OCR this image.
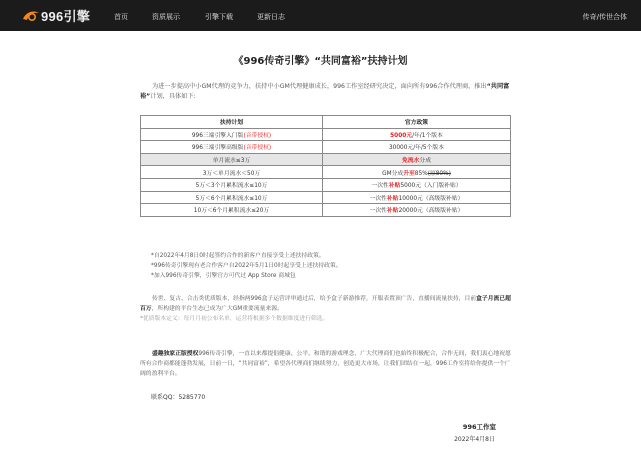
996引擎	首页	资质展示	引擎下载	更新日志	传奇/传世合体
《996传奇引擎》“共同富裕”扶持计划
为进一步提高中小GM代理的竞争力，扶持中小GM代理健康成长，996工作室经研究决定，面向所有996合作代理商，推出“共同富裕”计划，具体如下:
扶持计划	官方政策
996三端引擎入门版(音带授权)	5000元/年/1个版本
996三端引擎高级版(音带授权)	30000元/年/5个版本
单月流水≤3万	免流水分成
3万＜单月流水＜50万	GM分成升至85%(原80%)
5万＜3个月累积流水≤10万	一次性补贴5000元（入门版补贴）
5万＜6个月累积流水≤10万	一次性补贴10000元（高级版补贴）
10万＜6个月累积流水≤20万	一次性补贴20000元（高级版补贴）
*自2022年4月8日0时起签约合作的新客户直接享受上述扶持政策。
*996传奇引擎现有老合作客户自2022年5月1日0时起享受上述扶持政策。
*加入996传奇引擎，引擎官方可代过 App Store 商城包
传世、复古、合击类优质版本，经指两996盒子运营评审通过后，给予盒子新游推荐，开服表置顶广告，直播间流量扶持，目前盒子月流已超百万，所构建的平台生态已成为广大GM重要流量来源。
*优质版本定义：每月月初公布名单，运营将根据多个数据维度进行筛选。
盛趣独家正版授权996传奇引擎，一直以来都提倡健康、公平、和谐的游戏理念，广大代理商们也始终积极配合，合作无间，我们衷心地祝愿所有合作商都能蓬勃发展，日前一日，“共同富裕”，希望各代理商们继续努力，创造更大市场，让我们团结在一起，996工作室将给你提供一个广阔的盈利平台。
联系QQ：5285770
996工作室
2022年4月8日
